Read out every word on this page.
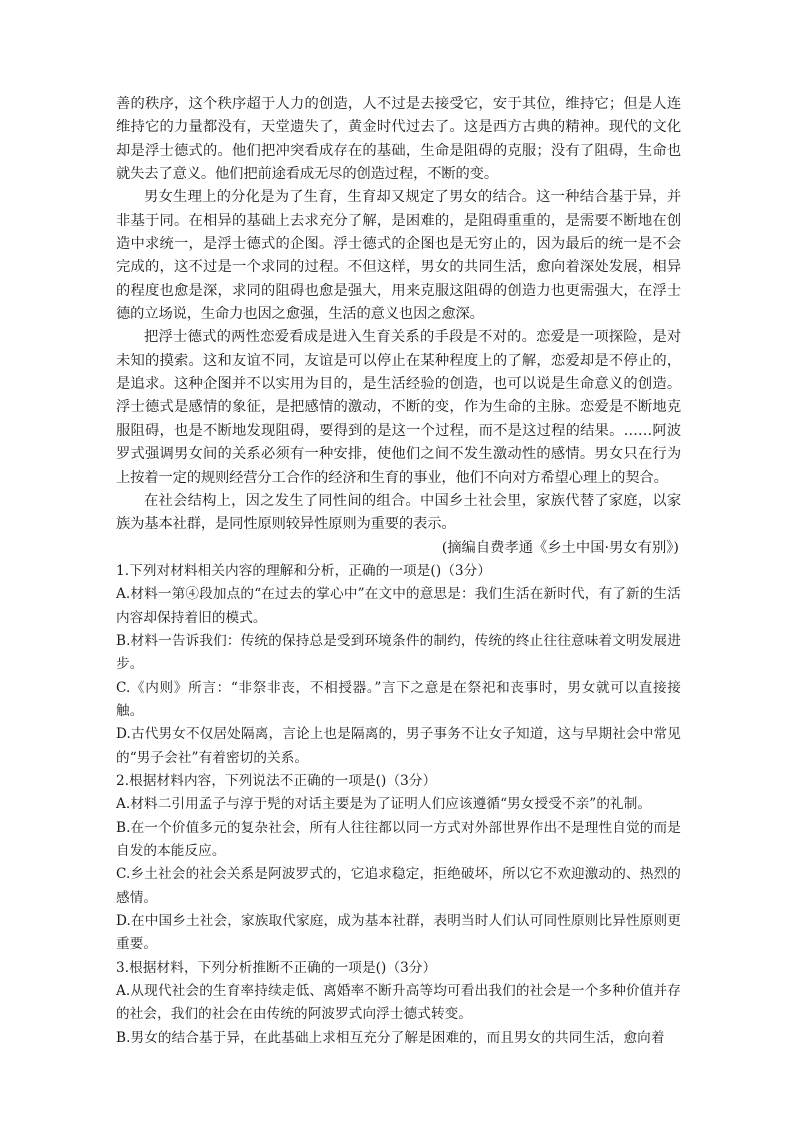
善的秩序，这个秩序超于人力的创造，人不过是去接受它，安于其位，维持它；但是人连维持它的力量都没有，天堂遗失了，黄金时代过去了。这是西方古典的精神。现代的文化却是浮士德式的。他们把冲突看成存在的基础，生命是阻碍的克服；没有了阻碍，生命也就失去了意义。他们把前途看成无尽的创造过程，不断的变。

男女生理上的分化是为了生育，生育却又规定了男女的结合。这一种结合基于异，并非基于同。在相异的基础上去求充分了解，是困难的，是阻碍重重的，是需要不断地在创造中求统一，是浮士德式的企图。浮士德式的企图也是无穷止的，因为最后的统一是不会完成的，这不过是一个求同的过程。不但这样，男女的共同生活，愈向着深处发展，相异的程度也愈是深，求同的阻碍也愈是强大，用来克服这阻碍的创造力也更需强大，在浮士德的立场说，生命力也因之愈强，生活的意义也因之愈深。

把浮士德式的两性恋爱看成是进入生育关系的手段是不对的。恋爱是一项探险，是对未知的摸索。这和友谊不同，友谊是可以停止在某种程度上的了解，恋爱却是不停止的，是追求。这种企图并不以实用为目的，是生活经验的创造，也可以说是生命意义的创造。浮士德式是感情的象征，是把感情的激动，不断的变，作为生命的主脉。恋爱是不断地克服阻碍，也是不断地发现阻碍，要得到的是这一个过程，而不是这过程的结果。……阿波罗式强调男女间的关系必须有一种安排，使他们之间不发生激动性的感情。男女只在行为上按着一定的规则经营分工合作的经济和生育的事业，他们不向对方希望心理上的契合。

在社会结构上，因之发生了同性间的组合。中国乡土社会里，家族代替了家庭，以家族为基本社群，是同性原则较异性原则为重要的表示。

(摘编自费孝通《乡土中国·男女有别》)

1.下列对材料相关内容的理解和分析，正确的一项是()（3分）

A.材料一第④段加点的“在过去的掌心中”在文中的意思是：我们生活在新时代，有了新的生活内容却保持着旧的模式。

B.材料一告诉我们：传统的保持总是受到环境条件的制约，传统的终止往往意味着文明发展进步。

C.《内则》所言：“非祭非丧，不相授器。”言下之意是在祭祀和丧事时，男女就可以直接接触。

D.古代男女不仅居处隔离，言论上也是隔离的，男子事务不让女子知道，这与早期社会中常见的“男子会社”有着密切的关系。

2.根据材料内容，下列说法不正确的一项是()（3分）

A.材料二引用孟子与淳于髡的对话主要是为了证明人们应该遵循“男女授受不亲”的礼制。

B.在一个价值多元的复杂社会，所有人往往都以同一方式对外部世界作出不是理性自觉的而是自发的本能反应。

C.乡土社会的社会关系是阿波罗式的，它追求稳定，拒绝破坏，所以它不欢迎激动的、热烈的感情。

D.在中国乡土社会，家族取代家庭，成为基本社群，表明当时人们认可同性原则比异性原则更重要。

3.根据材料，下列分析推断不正确的一项是()（3分）

A.从现代社会的生育率持续走低、离婚率不断升高等均可看出我们的社会是一个多种价值并存的社会，我们的社会在由传统的阿波罗式向浮士德式转变。

B.男女的结合基于异，在此基础上求相互充分了解是困难的，而且男女的共同生活，愈向着
